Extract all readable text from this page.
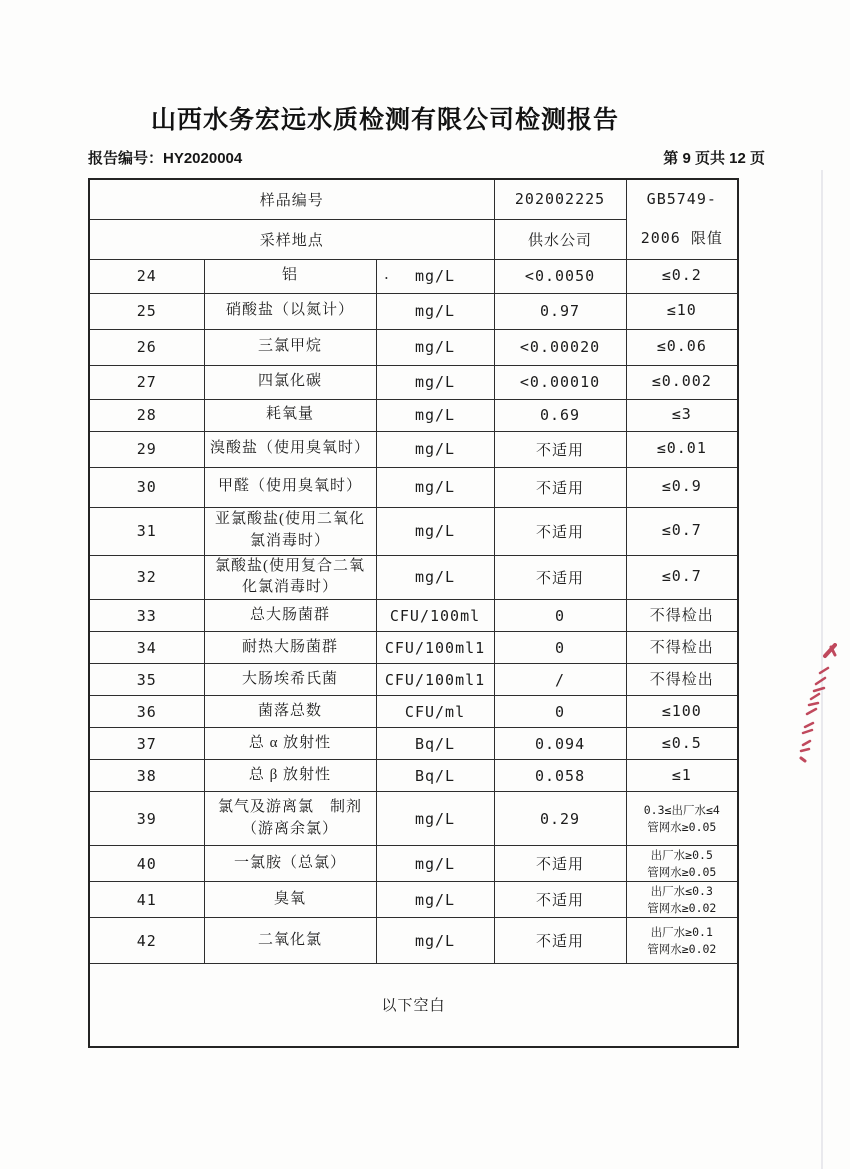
山西水务宏远水质检测有限公司检测报告
报告编号：HY2020004	第 9 页共 12 页
样品编号			202002225	GB5749-
2006 限值

采样地点			供水公司	
24	铝	. mg/L	<0.0050	≤0.2

25	硝酸盐（以氮计）	mg/L	0.97	≤10

26	三氯甲烷	mg/L	<0.00020	≤0.06

27	四氯化碳	mg/L	<0.00010	≤0.002

28	耗氧量	mg/L	0.69	≤3

29	溴酸盐（使用臭氧时）	mg/L	不适用	≤0.01

30	甲醛（使用臭氧时）	mg/L	不适用	≤0.9

31	亚氯酸盐(使用二氧化
氯消毒时）	mg/L	不适用	≤0.7

32	氯酸盐(使用复合二氧
化氯消毒时）	mg/L	不适用	≤0.7

33	总大肠菌群	CFU/100ml	0	不得检出

34	耐热大肠菌群	CFU/100ml1	0	不得检出

35	大肠埃希氏菌	CFU/100ml1	/	不得检出

36	菌落总数	CFU/ml	0	≤100

37	总 α 放射性	Bq/L	0.094	≤0.5

38	总 β 放射性	Bq/L	0.058	≤1

39	氯气及游离氯　制剂
（游离余氯）	mg/L	0.29	0.3≤出厂水≤4
管网水≥0.05

40	一氯胺（总氯）	mg/L	不适用	出厂水≥0.5
管网水≥0.05

41	臭氧	mg/L	不适用	出厂水≤0.3
管网水≥0.02

42	二氧化氯	mg/L	不适用	出厂水≥0.1
管网水≥0.02

以下空白				
